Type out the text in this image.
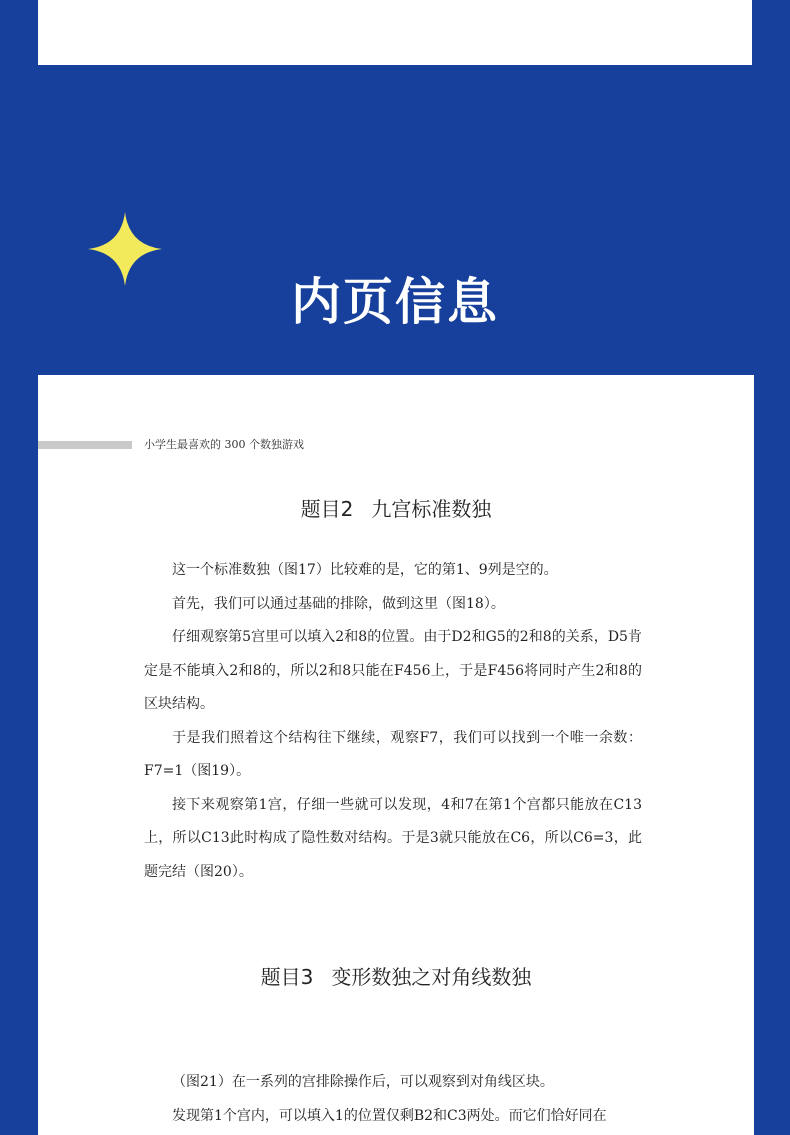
内页信息
小学生最喜欢的 300 个数独游戏
题目2 九宫标准数独

这一个标准数独（图17）比较难的是，它的第1、9列是空的。

首先，我们可以通过基础的排除，做到这里（图18）。

仔细观察第5宫里可以填入2和8的位置。由于D2和G5的2和8的关系，D5肯定是不能填入2和8的，所以2和8只能在F456上，于是F456将同时产生2和8的区块结构。

于是我们照着这个结构往下继续，观察F7，我们可以找到一个唯一余数：F7=1（图19）。

接下来观察第1宫，仔细一些就可以发现，4和7在第1个宫都只能放在C13上，所以C13此时构成了隐性数对结构。于是3就只能放在C6，所以C6=3，此题完结（图20）。

题目3 变形数独之对角线数独

（图21）在一系列的宫排除操作后，可以观察到对角线区块。

发现第1个宫内，可以填入1的位置仅剩B2和C3两处。而它们恰好同在
